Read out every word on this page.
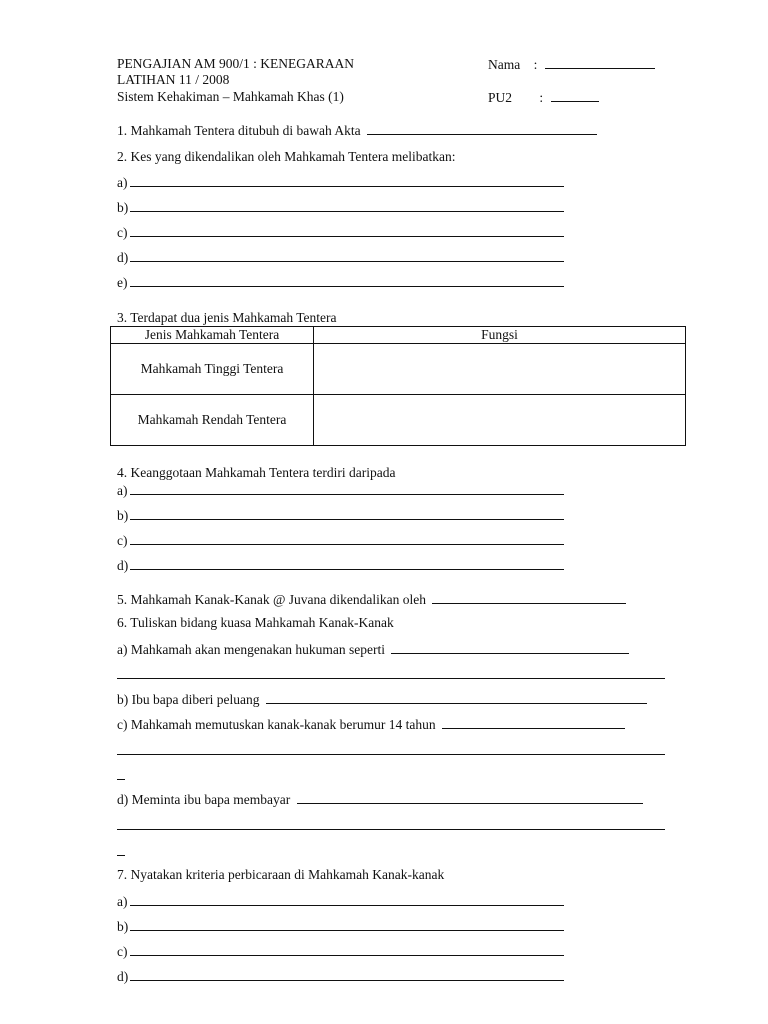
PENGAJIAN AM 900/1 : KENEGARAAN
LATIHAN 11 / 2008
Sistem Kehakiman – Mahkamah Khas (1)
Nama :
PU2 :
1. Mahkamah Tentera ditubuh di bawah Akta
2. Kes yang dikendalikan oleh Mahkamah Tentera melibatkan:
a)
b)
c)
d)
e)
3. Terdapat dua jenis Mahkamah Tentera
Jenis Mahkamah Tentera	Fungsi
Mahkamah Tinggi Tentera	
Mahkamah Rendah Tentera	
4. Keanggotaan Mahkamah Tentera terdiri daripada
a)
b)
c)
d)
5. Mahkamah Kanak-Kanak @ Juvana dikendalikan oleh
6. Tuliskan bidang kuasa Mahkamah Kanak-Kanak
a) Mahkamah akan mengenakan hukuman seperti
b) Ibu bapa diberi peluang
c) Mahkamah memutuskan kanak-kanak berumur 14 tahun
d) Meminta ibu bapa membayar
7. Nyatakan kriteria perbicaraan di Mahkamah Kanak-kanak
a)
b)
c)
d)
